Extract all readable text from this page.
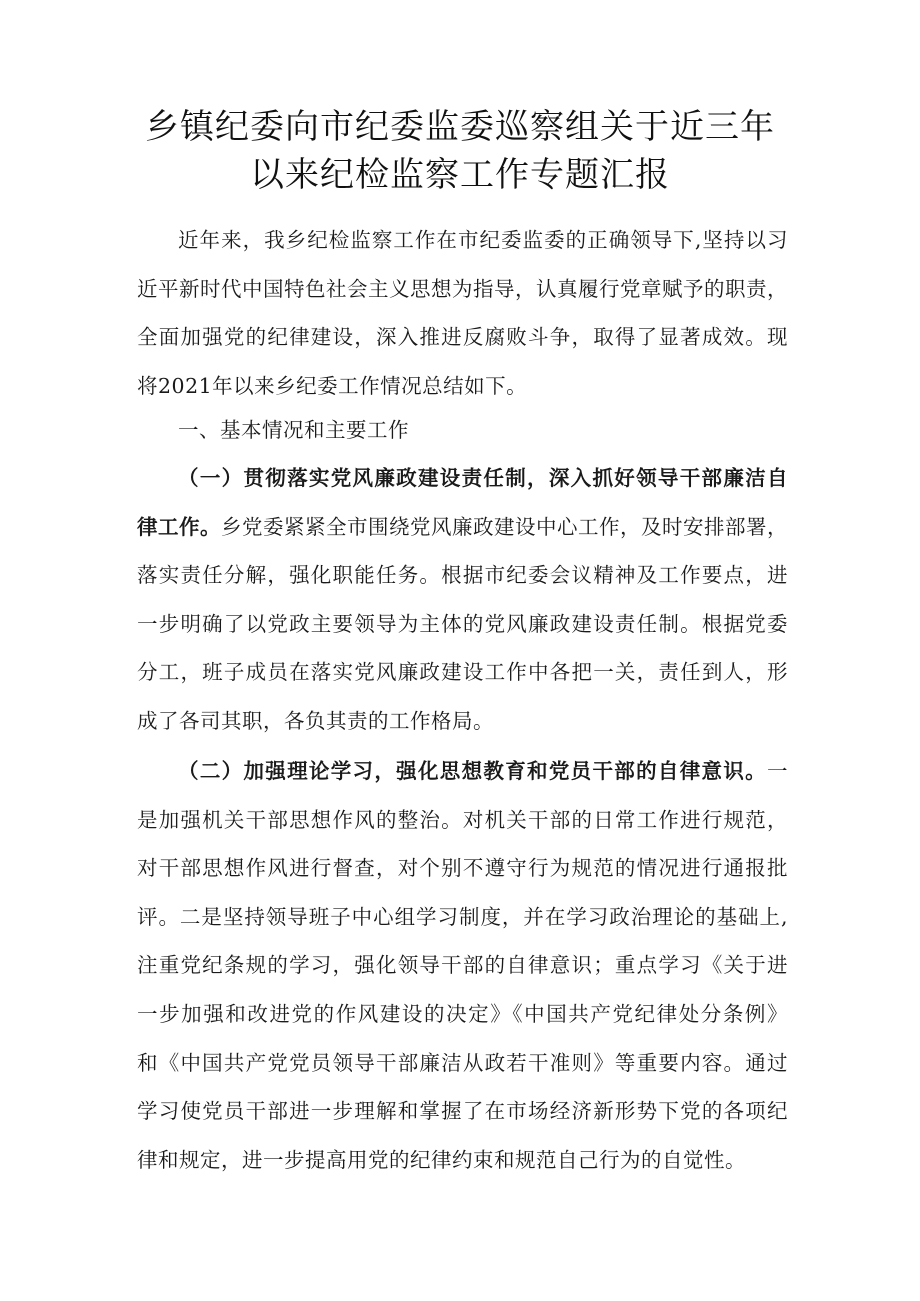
乡镇纪委向市纪委监委巡察组关于近三年
以来纪检监察工作专题汇报
近年来，我乡纪检监察工作在市纪委监委的正确领导下,坚持以习
近平新时代中国特色社会主义思想为指导，认真履行党章赋予的职责，
全面加强党的纪律建设，深入推进反腐败斗争，取得了显著成效。现
将2021年以来乡纪委工作情况总结如下。
一、基本情况和主要工作
（一）贯彻落实党风廉政建设责任制，深入抓好领导干部廉洁自
律工作。乡党委紧紧全市围绕党风廉政建设中心工作，及时安排部署，
落实责任分解，强化职能任务。根据市纪委会议精神及工作要点，进
一步明确了以党政主要领导为主体的党风廉政建设责任制。根据党委
分工，班子成员在落实党风廉政建设工作中各把一关，责任到人，形
成了各司其职，各负其责的工作格局。
（二）加强理论学习，强化思想教育和党员干部的自律意识。一
是加强机关干部思想作风的整治。对机关干部的日常工作进行规范，
对干部思想作风进行督查，对个别不遵守行为规范的情况进行通报批
评。二是坚持领导班子中心组学习制度，并在学习政治理论的基础上,
注重党纪条规的学习，强化领导干部的自律意识；重点学习《关于进
一步加强和改进党的作风建设的决定》《中国共产党纪律处分条例》
和《中国共产党党员领导干部廉洁从政若干准则》等重要内容。通过
学习使党员干部进一步理解和掌握了在市场经济新形势下党的各项纪
律和规定，进一步提高用党的纪律约束和规范自己行为的自觉性。
